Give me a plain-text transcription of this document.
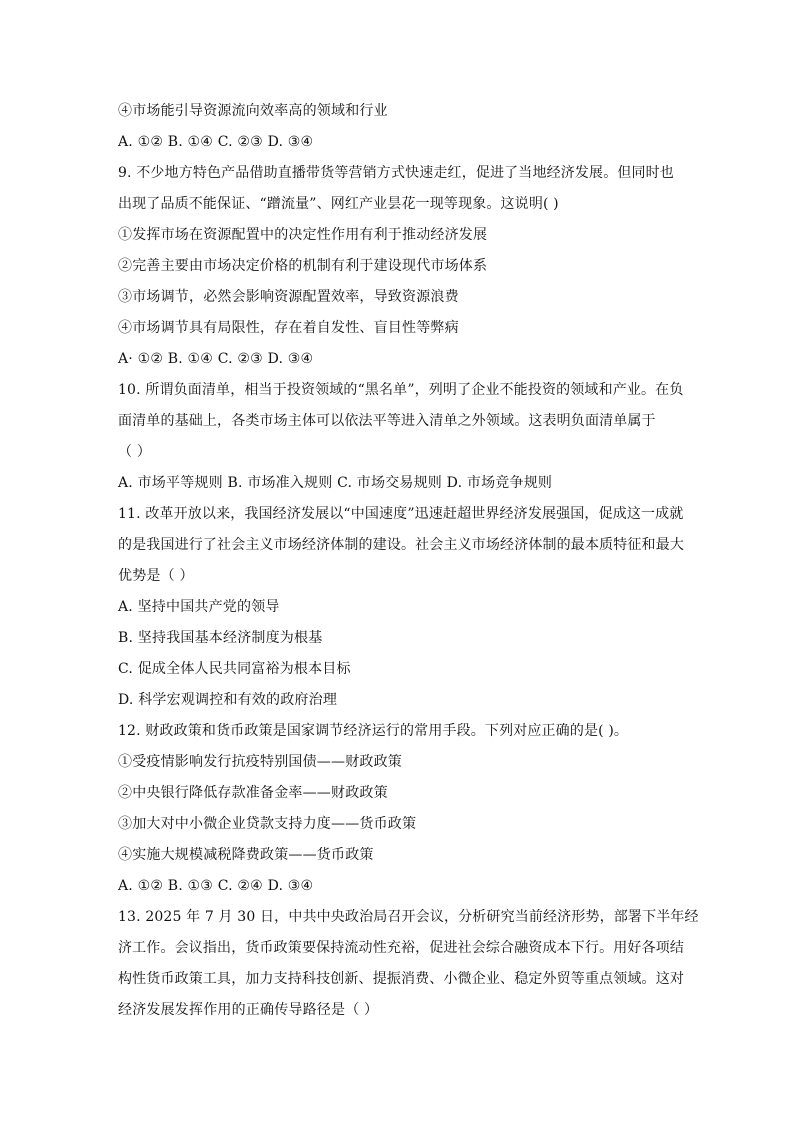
④市场能引导资源流向效率高的领域和行业
A. ①② B. ①④ C. ②③ D. ③④
9. 不少地方特色产品借助直播带货等营销方式快速走红，促进了当地经济发展。但同时也
出现了品质不能保证、“蹭流量”、网红产业昙花一现等现象。这说明( )
①发挥市场在资源配置中的决定性作用有利于推动经济发展
②完善主要由市场决定价格的机制有利于建设现代市场体系
③市场调节，必然会影响资源配置效率，导致资源浪费
④市场调节具有局限性，存在着自发性、盲目性等弊病
A· ①② B. ①④ C. ②③ D. ③④
10. 所谓负面清单，相当于投资领域的“黑名单”，列明了企业不能投资的领域和产业。在负
面清单的基础上，各类市场主体可以依法平等进入清单之外领域。这表明负面清单属于
（ ）
A. 市场平等规则 B. 市场准入规则 C. 市场交易规则 D. 市场竞争规则
11. 改革开放以来，我国经济发展以“中国速度”迅速赶超世界经济发展强国，促成这一成就
的是我国进行了社会主义市场经济体制的建设。社会主义市场经济体制的最本质特征和最大
优势是（ ）
A. 坚持中国共产党的领导
B. 坚持我国基本经济制度为根基
C. 促成全体人民共同富裕为根本目标
D. 科学宏观调控和有效的政府治理
12. 财政政策和货币政策是国家调节经济运行的常用手段。下列对应正确的是( )。
①受疫情影响发行抗疫特别国债——财政政策
②中央银行降低存款准备金率——财政政策
③加大对中小微企业贷款支持力度——货币政策
④实施大规模减税降费政策——货币政策
A. ①② B. ①③ C. ②④ D. ③④
13. 2025 年 7 月 30 日，中共中央政治局召开会议，分析研究当前经济形势，部署下半年经
济工作。会议指出，货币政策要保持流动性充裕，促进社会综合融资成本下行。用好各项结
构性货币政策工具，加力支持科技创新、提振消费、小微企业、稳定外贸等重点领域。这对
经济发展发挥作用的正确传导路径是（ ）
